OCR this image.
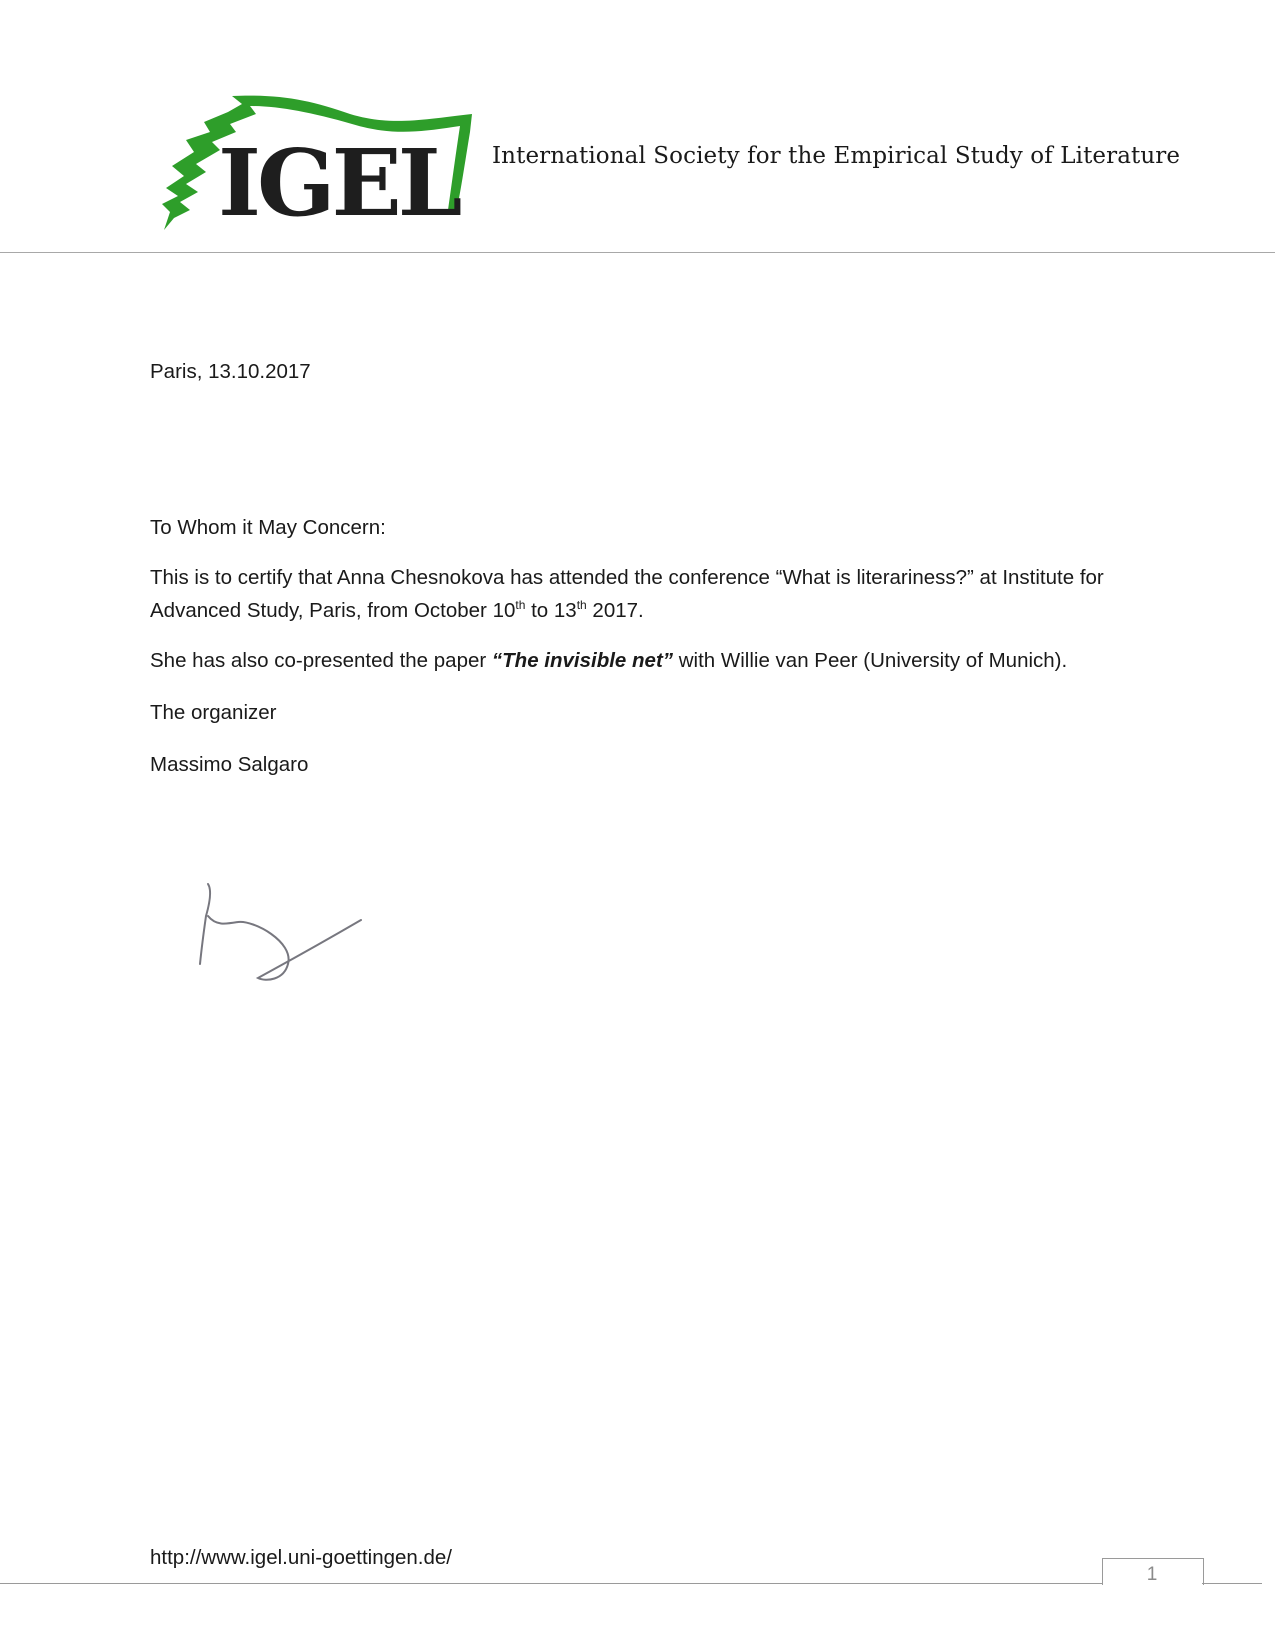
IGEL International Society for the Empirical Study of Literature
Paris, 13.10.2017
To Whom it May Concern:
This is to certify that Anna Chesnokova has attended the conference “What is literariness?” at Institute for Advanced Study, Paris, from October 10th to 13th 2017.
She has also co-presented the paper “The invisible net” with Willie van Peer (University of Munich).
The organizer
Massimo Salgaro
http://www.igel.uni-goettingen.de/
1
